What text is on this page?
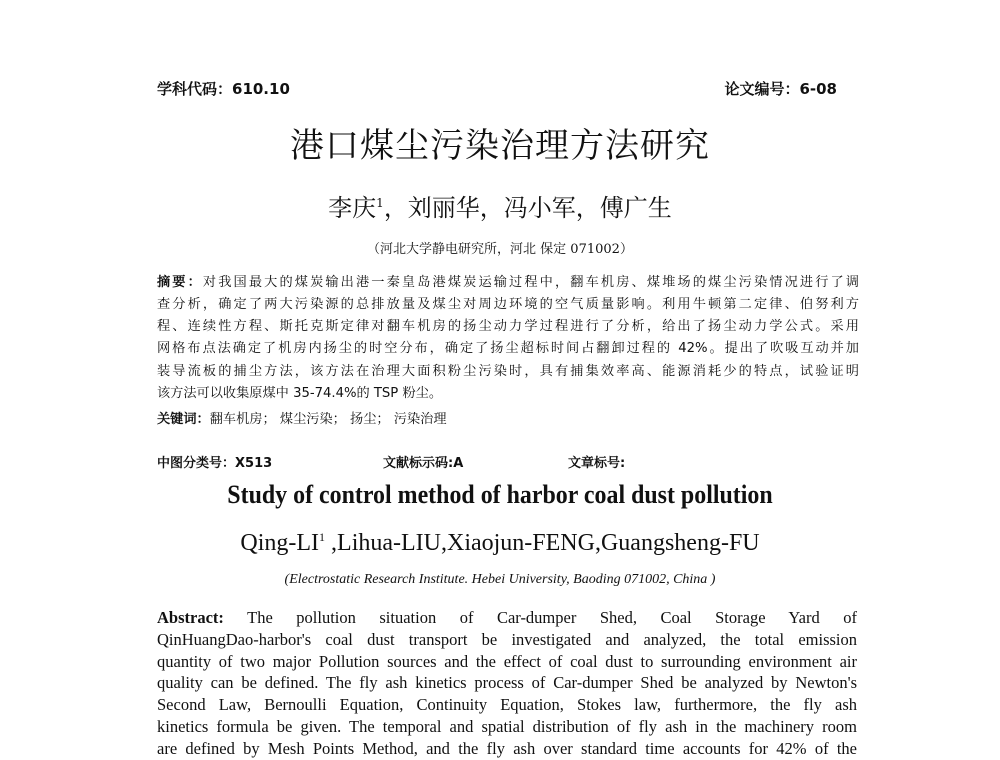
学科代码：610.10	论文编号：6-08
港口煤尘污染治理方法研究
李庆$^1$，刘丽华，冯小军，傅广生
（河北大学静电研究所，河北 保定 071002）
摘要：对我国最大的煤炭输出港一秦皇岛港煤炭运输过程中，翻车机房、煤堆场的煤尘污染情况进行了调
查分析，确定了两大污染源的总排放量及煤尘对周边环境的空气质量影响。利用牛顿第二定律、伯努利方
程、连续性方程、斯托克斯定律对翻车机房的扬尘动力学过程进行了分析，给出了扬尘动力学公式。采用
网格布点法确定了机房内扬尘的时空分布，确定了扬尘超标时间占翻卸过程的 42%。提出了吹吸互动并加
装导流板的捕尘方法，该方法在治理大面积粉尘污染时，具有捕集效率高、能源消耗少的特点，试验证明
该方法可以收集原煤中 35-74.4%的 TSP 粉尘。
关键词：翻车机房； 煤尘污染； 扬尘； 污染治理
中图分类号：X513	文献标示码:A	文章标号:
Study of control method of harbor coal dust pollution
Qing-$LI^1$ ,Lihua-LIU,Xiaojun-FENG,Guangsheng-FU
(Electrostatic Research Institute. Hebei University, Baoding 071002, China )
Abstract: The pollution situation of Car-dumper Shed, Coal Storage Yard of
QinHuangDao-harbor's coal dust transport be investigated and analyzed, the total emission
quantity of two major Pollution sources and the effect of coal dust to surrounding environment air
quality can be defined. The fly ash kinetics process of Car-dumper Shed be analyzed by Newton's
Second Law, Bernoulli Equation, Continuity Equation, Stokes law, furthermore, the fly ash
kinetics formula be given. The temporal and spatial distribution of fly ash in the machinery room
are defined by Mesh Points Method, and the fly ash over standard time accounts for 42% of the
